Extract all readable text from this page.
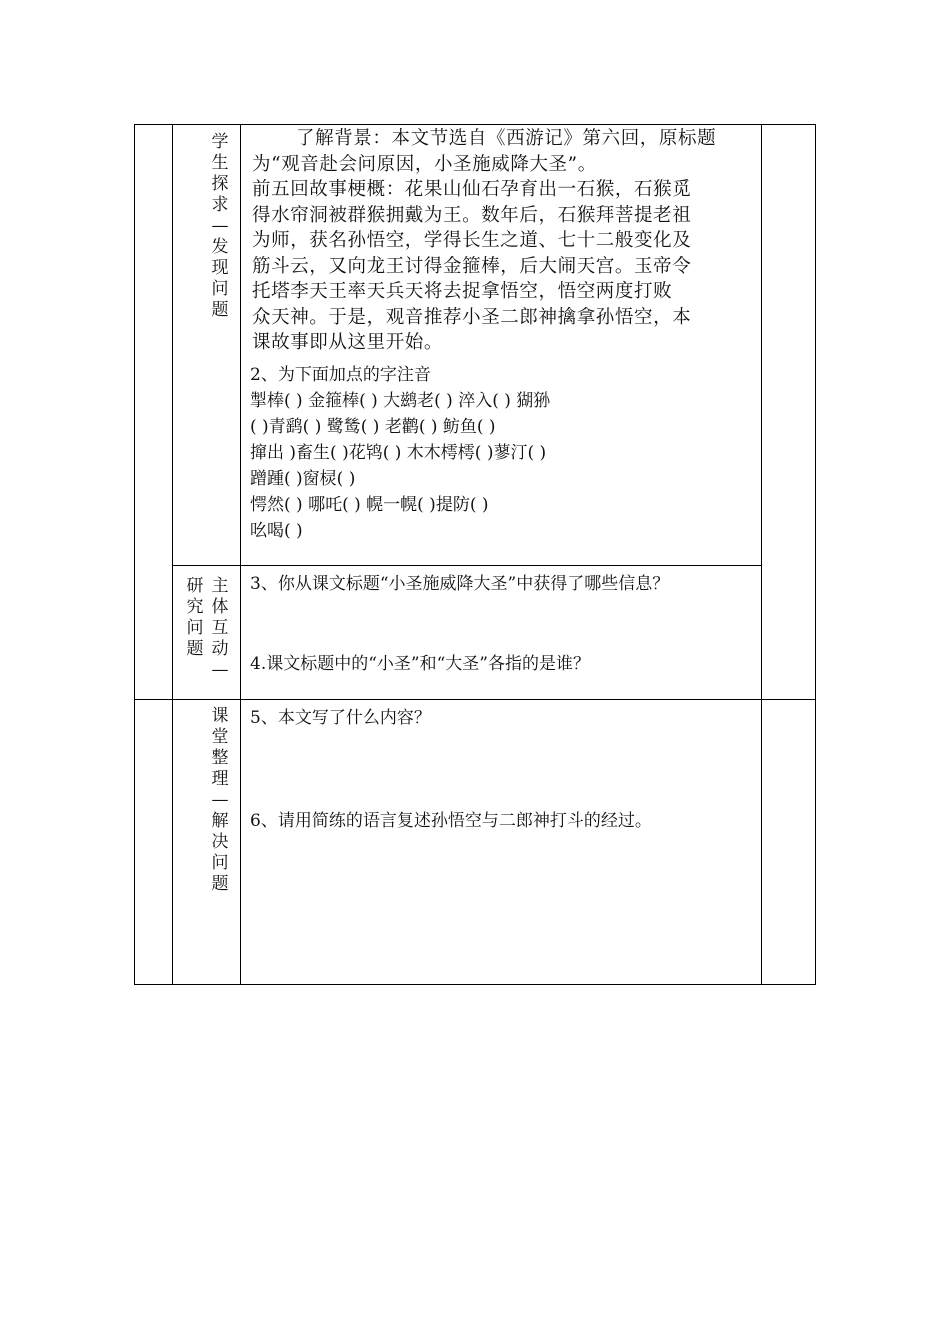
学
生
探
求
—
发
现
问
题
了解背景：本文节选自《西游记》第六回，原标题
为“观音赴会问原因，小圣施威降大圣”。
前五回故事梗概：花果山仙石孕育出一石猴，石猴觅
得水帘洞被群猴拥戴为王。数年后，石猴拜菩提老祖
为师，获名孙悟空，学得长生之道、七十二般变化及
筋斗云，又向龙王讨得金箍棒，后大闹天宫。玉帝令
托塔李天王率天兵天将去捉拿悟空，悟空两度打败
众天神。于是，观音推荐小圣二郎神擒拿孙悟空，本
课故事即从这里开始。
2、为下面加点的字注音
掣棒( ) 金箍棒( ) 大鹚老( ) 淬入( ) 猢狲
( )青鹞( ) 鹭鸶( ) 老鹳( ) 鲂鱼( )
撺出 )畜生( )花鸨( ) 木木樗樗( )蓼汀( )
蹭踵( )窗棂( )
愕然( ) 哪吒( ) 幌一幌( )提防( )
吆喝( )
研
究
问
题
主
体
互
动
—
3、你从课文标题“小圣施威降大圣”中获得了哪些信息？
4.课文标题中的“小圣”和“大圣”各指的是谁？
课
堂
整
理
—
解
决
问
题
5、本文写了什么内容？
6、请用简练的语言复述孙悟空与二郎神打斗的经过。
